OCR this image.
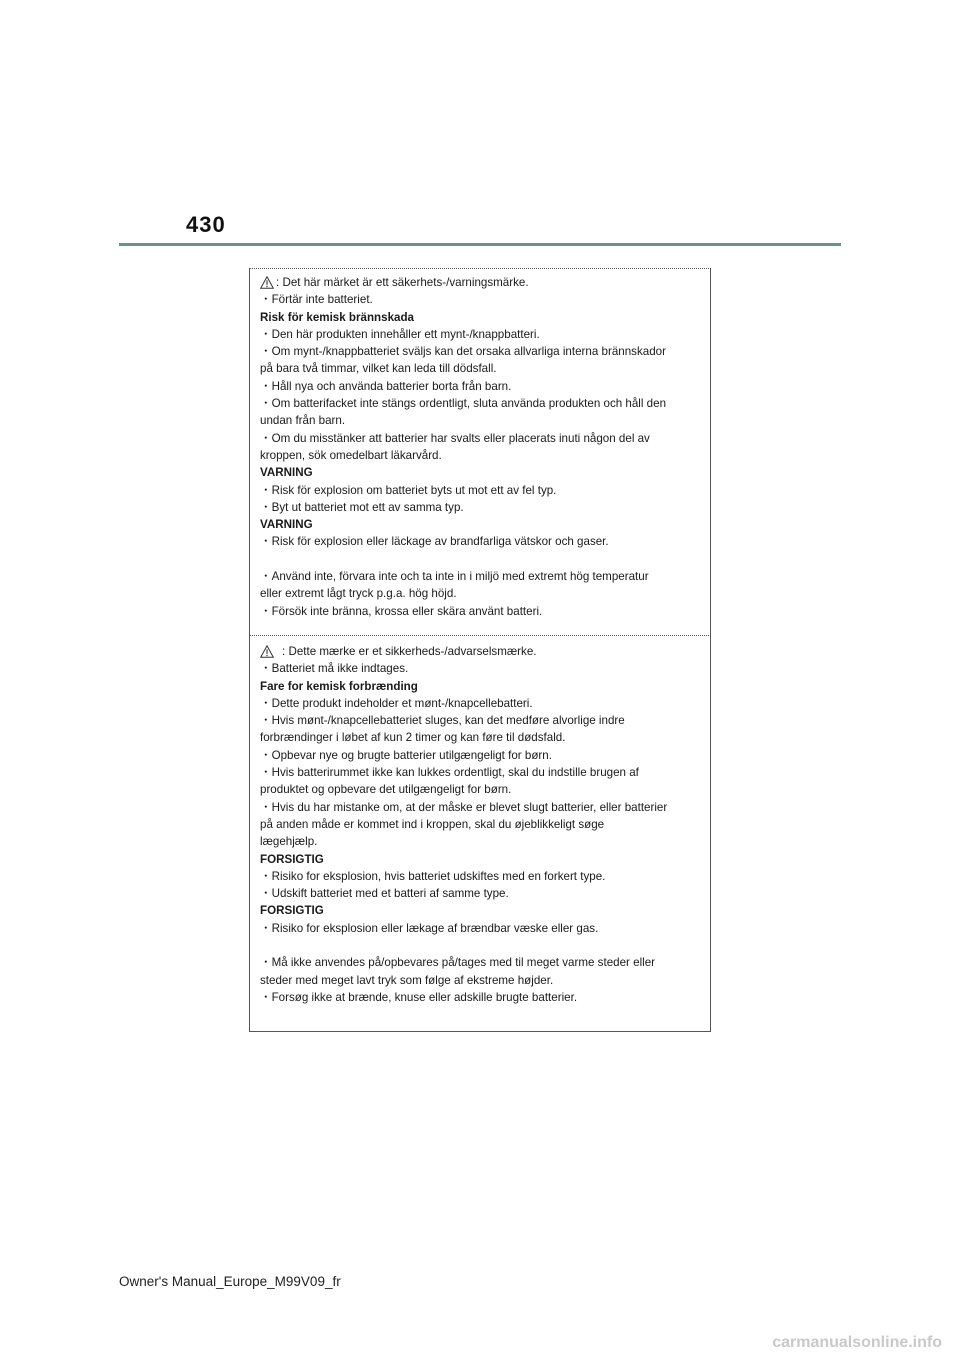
430
: Det här märket är ett säkerhets-/varningsmärke.
・Förtär inte batteriet.
Risk för kemisk brännskada
・Den här produkten innehåller ett mynt-/knappbatteri.
・Om mynt-/knappbatteriet sväljs kan det orsaka allvarliga interna brännskador
på bara två timmar, vilket kan leda till dödsfall.
・Håll nya och använda batterier borta från barn.
・Om batterifacket inte stängs ordentligt, sluta använda produkten och håll den
undan från barn.
・Om du misstänker att batterier har svalts eller placerats inuti någon del av
kroppen, sök omedelbart läkarvård.
VARNING
・Risk för explosion om batteriet byts ut mot ett av fel typ.
・Byt ut batteriet mot ett av samma typ.
VARNING
・Risk för explosion eller läckage av brandfarliga vätskor och gaser.
・Använd inte, förvara inte och ta inte in i miljö med extremt hög temperatur
eller extremt lågt tryck p.g.a. hög höjd.
・Försök inte bränna, krossa eller skära använt batteri.
: Dette mærke er et sikkerheds-/advarselsmærke.
・Batteriet må ikke indtages.
Fare for kemisk forbrænding
・Dette produkt indeholder et mønt-/knapcellebatteri.
・Hvis mønt-/knapcellebatteriet sluges, kan det medføre alvorlige indre
forbrændinger i løbet af kun 2 timer og kan føre til dødsfald.
・Opbevar nye og brugte batterier utilgængeligt for børn.
・Hvis batterirummet ikke kan lukkes ordentligt, skal du indstille brugen af
produktet og opbevare det utilgængeligt for børn.
・Hvis du har mistanke om, at der måske er blevet slugt batterier, eller batterier
på anden måde er kommet ind i kroppen, skal du øjeblikkeligt søge
lægehjælp.
FORSIGTIG
・Risiko for eksplosion, hvis batteriet udskiftes med en forkert type.
・Udskift batteriet med et batteri af samme type.
FORSIGTIG
・Risiko for eksplosion eller lækage af brændbar væske eller gas.
・Må ikke anvendes på/opbevares på/tages med til meget varme steder eller
steder med meget lavt tryk som følge af ekstreme højder.
・Forsøg ikke at brænde, knuse eller adskille brugte batterier.
Owner's Manual_Europe_M99V09_fr
carmanualsonline.info
